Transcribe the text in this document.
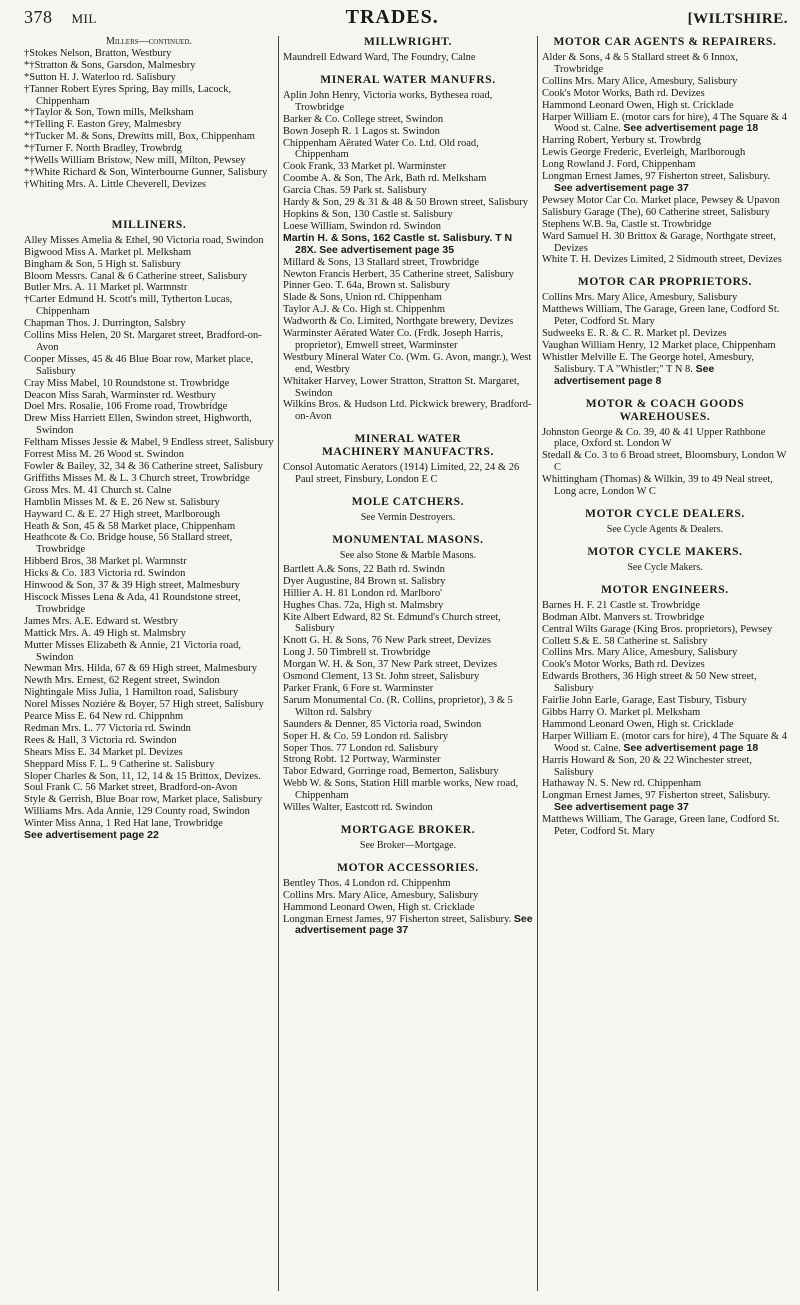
378 MIL	TRADES.	[WILTSHIRE.
Millers—continued.

†Stokes Nelson, Bratton, Westbury

*†Stratton & Sons, Garsdon, Malmesbry

*Sutton H. J. Waterloo rd. Salisbury

†Tanner Robert Eyres Spring, Bay mills, Lacock, Chippenham

*†Taylor & Son, Town mills, Melksham

*†Telling F. Easton Grey, Malmesbry

*†Tucker M. & Sons, Drewitts mill, Box, Chippenham

*†Turner F. North Bradley, Trowbrdg

*†Wells William Bristow, New mill, Milton, Pewsey

*†White Richard & Son, Winterbourne Gunner, Salisbury

†Whiting Mrs. A. Little Cheverell, Devizes

MILLINERS.

Alley Misses Amelia & Ethel, 90 Victoria road, Swindon

Bigwood Miss A. Market pl. Melksham

Bingham & Son, 5 High st. Salisbury

Bloom Messrs. Canal & 6 Catherine street, Salisbury

Butler Mrs. A. 11 Market pl. Warmnstr

†Carter Edmund H. Scott's mill, Tytherton Lucas, Chippenham

Chapman Thos. J. Durrington, Salsbry

Collins Miss Helen, 20 St. Margaret street, Bradford-on-Avon

Cooper Misses, 45 & 46 Blue Boar row, Market place, Salisbury

Cray Miss Mabel, 10 Roundstone st. Trowbridge

Deacon Miss Sarah, Warminster rd. Westbury

Doel Mrs. Rosalie, 106 Frome road, Trowbridge

Drew Miss Harriett Ellen, Swindon street, Highworth, Swindon

Feltham Misses Jessie & Mabel, 9 Endless street, Salisbury

Forrest Miss M. 26 Wood st. Swindon

Fowler & Bailey, 32, 34 & 36 Catherine street, Salisbury

Griffiths Misses M. & L. 3 Church street, Trowbridge

Gross Mrs. M. 41 Church st. Calne

Hamblin Misses M. & E. 26 New st. Salisbury

Hayward C. & E. 27 High street, Marlborough

Heath & Son, 45 & 58 Market place, Chippenham

Heathcote & Co. Bridge house, 56 Stallard street, Trowbridge

Hibberd Bros, 38 Market pl. Warmnstr

Hicks & Co. 183 Victoria rd. Swindon

Hinwood & Son, 37 & 39 High street, Malmesbury

Hiscock Misses Lena & Ada, 41 Roundstone street, Trowbridge

James Mrs. A.E. Edward st. Westbry

Mattick Mrs. A. 49 High st. Malmsbry

Mutter Misses Elizabeth & Annie, 21 Victoria road, Swindon

Newman Mrs. Hilda, 67 & 69 High street, Malmesbury

Newth Mrs. Ernest, 62 Regent street, Swindon

Nightingale Miss Julia, 1 Hamilton road, Salisbury

Norel Misses Noziére & Boyer, 57 High street, Salisbury

Pearce Miss E. 64 New rd. Chippnhm

Redman Mrs. L. 77 Victoria rd. Swindn

Rees & Hall, 3 Victoria rd. Swindon

Shears Miss E. 34 Market pl. Devizes

Sheppard Miss F. L. 9 Catherine st. Salisbury

Sloper Charles & Son, 11, 12, 14 & 15 Brittox, Devizes.

Soul Frank C. 56 Market street, Bradford-on-Avon

Style & Gerrish, Blue Boar row, Market place, Salisbury

Williams Mrs. Ada Annie, 129 County road, Swindon

Winter Miss Anna, 1 Red Hat lane, Trowbridge

See advertisement page 22

MILLWRIGHT.

Maundrell Edward Ward, The Foundry, Calne

MINERAL WATER MANUFRS.

Aplin John Henry, Victoria works, Bythesea road, Trowbridge

Barker & Co. College street, Swindon

Bown Joseph R. 1 Lagos st. Swindon

Chippenham Aërated Water Co. Ltd. Old road, Chippenham

Cook Frank, 33 Market pl. Warminster

Coombe A. & Son, The Ark, Bath rd. Melksham

Garcia Chas. 59 Park st. Salisbury

Hardy & Son, 29 & 31 & 48 & 50 Brown street, Salisbury

Hopkins & Son, 130 Castle st. Salisbury

Loese William, Swindon rd. Swindon

Martin H. & Sons, 162 Castle st. Salisbury. T N 28X. See advertisement page 35

Millard & Sons, 13 Stallard street, Trowbridge

Newton Francis Herbert, 35 Catherine street, Salisbury

Pinner Geo. T. 64a, Brown st. Salisbury

Slade & Sons, Union rd. Chippenham

Taylor A.J. & Co. High st. Chippenhm

Wadworth & Co. Limited, Northgate brewery, Devizes

Warminster Aërated Water Co. (Frdk. Joseph Harris, proprietor), Emwell street, Warminster

Westbury Mineral Water Co. (Wm. G. Avon, mangr.), West end, Westbry

Whitaker Harvey, Lower Stratton, Stratton St. Margaret, Swindon

Wilkins Bros. & Hudson Ltd. Pickwick brewery, Bradford-on-Avon

MINERAL WATER
MACHINERY MANUFACTRS.

Consol Automatic Aerators (1914) Limited, 22, 24 & 26 Paul street, Finsbury, London E C

MOLE CATCHERS.
See Vermin Destroyers.
MONUMENTAL MASONS.
See also Stone & Marble Masons.

Bartlett A.& Sons, 22 Bath rd. Swindn

Dyer Augustine, 84 Brown st. Salisbry

Hillier A. H. 81 London rd. Marlboro'

Hughes Chas. 72a, High st. Malmsbry

Kite Albert Edward, 82 St. Edmund's Church street, Salisbury

Knott G. H. & Sons, 76 New Park street, Devizes

Long J. 50 Timbrell st. Trowbridge

Morgan W. H. & Son, 37 New Park street, Devizes

Osmond Clement, 13 St. John street, Salisbury

Parker Frank, 6 Fore st. Warminster

Sarum Monumental Co. (R. Collins, proprietor), 3 & 5 Wilton rd. Salsbry

Saunders & Denner, 85 Victoria road, Swindon

Soper H. & Co. 59 London rd. Salisbry

Soper Thos. 77 London rd. Salisbury

Strong Robt. 12 Portway, Warminster

Tabor Edward, Gorringe road, Bemerton, Salisbury

Webb W. & Sons, Station Hill marble works, New road, Chippenham

Willes Walter, Eastcott rd. Swindon

MORTGAGE BROKER.
See Broker—Mortgage.
MOTOR ACCESSORIES.

Bentley Thos. 4 London rd. Chippenhm

Collins Mrs. Mary Alice, Amesbury, Salisbury

Hammond Leonard Owen, High st. Cricklade

Longman Ernest James, 97 Fisherton street, Salisbury. See advertisement page 37

MOTOR CAR AGENTS & REPAIRERS.

Alder & Sons, 4 & 5 Stallard street & 6 Innox, Trowbridge

Collins Mrs. Mary Alice, Amesbury, Salisbury

Cook's Motor Works, Bath rd. Devizes

Hammond Leonard Owen, High st. Cricklade

Harper William E. (motor cars for hire), 4 The Square & 4 Wood st. Calne. See advertisement page 18

Harring Robert, Yerbury st. Trowbrdg

Lewis George Frederic, Everleigh, Marlborough

Long Rowland J. Ford, Chippenham

Longman Ernest James, 97 Fisherton street, Salisbury. See advertisement page 37

Pewsey Motor Car Co. Market place, Pewsey & Upavon

Salisbury Garage (The), 60 Catherine street, Salisbury

Stephens W.B. 9a, Castle st. Trowbridge

Ward Samuel H. 30 Brittox & Garage, Northgate street, Devizes

White T. H. Devizes Limited, 2 Sidmouth street, Devizes

MOTOR CAR PROPRIETORS.

Collins Mrs. Mary Alice, Amesbury, Salisbury

Matthews William, The Garage, Green lane, Codford St. Peter, Codford St. Mary

Sudweeks E. R. & C. R. Market pl. Devizes

Vaughan William Henry, 12 Market place, Chippenham

Whistler Melville E. The George hotel, Amesbury, Salisbury. T A "Whistler;" T N 8. See advertisement page 8

MOTOR & COACH GOODS WAREHOUSES.

Johnston George & Co. 39, 40 & 41 Upper Rathbone place, Oxford st. London W

Stedall & Co. 3 to 6 Broad street, Bloomsbury, London W C

Whittingham (Thomas) & Wilkin, 39 to 49 Neal street, Long acre, London W C

MOTOR CYCLE DEALERS.
See Cycle Agents & Dealers.
MOTOR CYCLE MAKERS.
See Cycle Makers.
MOTOR ENGINEERS.

Barnes H. F. 21 Castle st. Trowbridge

Bodman Albt. Manvers st. Trowbridge

Central Wilts Garage (King Bros. proprietors), Pewsey

Collett S.& E. 58 Catherine st. Salisbry

Collins Mrs. Mary Alice, Amesbury, Salisbury

Cook's Motor Works, Bath rd. Devizes

Edwards Brothers, 36 High street & 50 New street, Salisbury

Fairlie John Earle, Garage, East Tisbury, Tisbury

Gibbs Harry O. Market pl. Melksham

Hammond Leonard Owen, High st. Cricklade

Harper William E. (motor cars for hire), 4 The Square & 4 Wood st. Calne. See advertisement page 18

Harris Howard & Son, 20 & 22 Winchester street, Salisbury

Hathaway N. S. New rd. Chippenham

Longman Ernest James, 97 Fisherton street, Salisbury. See advertisement page 37

Matthews William, The Garage, Green lane, Codford St. Peter, Codford St. Mary
